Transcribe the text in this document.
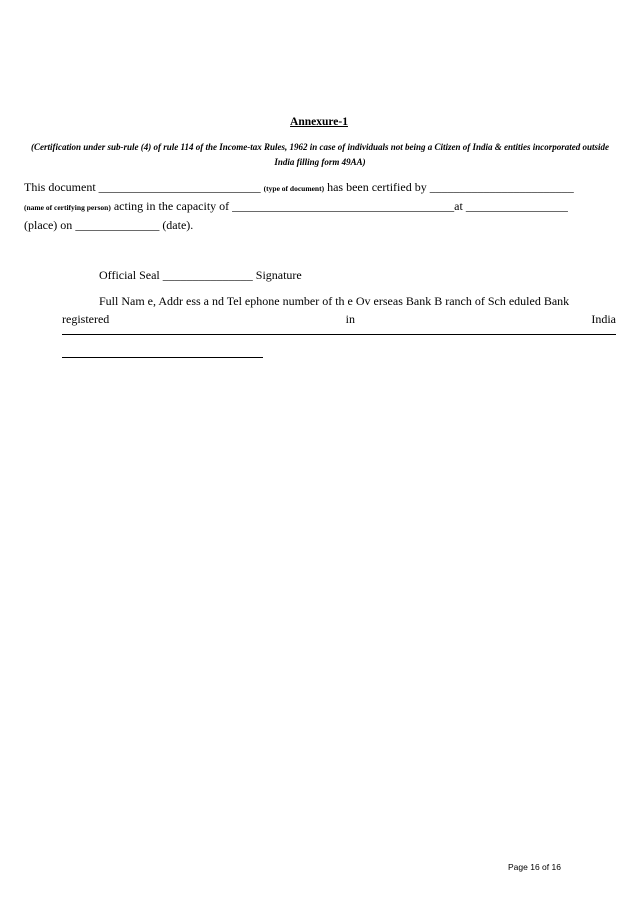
Annexure-1
(Certification under sub-rule (4) of rule 114 of the Income-tax Rules, 1962 in case of individuals not being a Citizen of India & entities incorporated outside India filling form 49AA)
This document ___________________________ (type of document) has been certified by ________________________
(name of certifying person) acting in the capacity of _____________________________________at _________________
(place) on ______________ (date).
Official Seal _______________ Signature
Full Nam e, Addr ess a nd Tel ephone number of th e Ov erseas Bank B ranch of Sch eduled Bank
registered	in	India
Page 16 of 16
